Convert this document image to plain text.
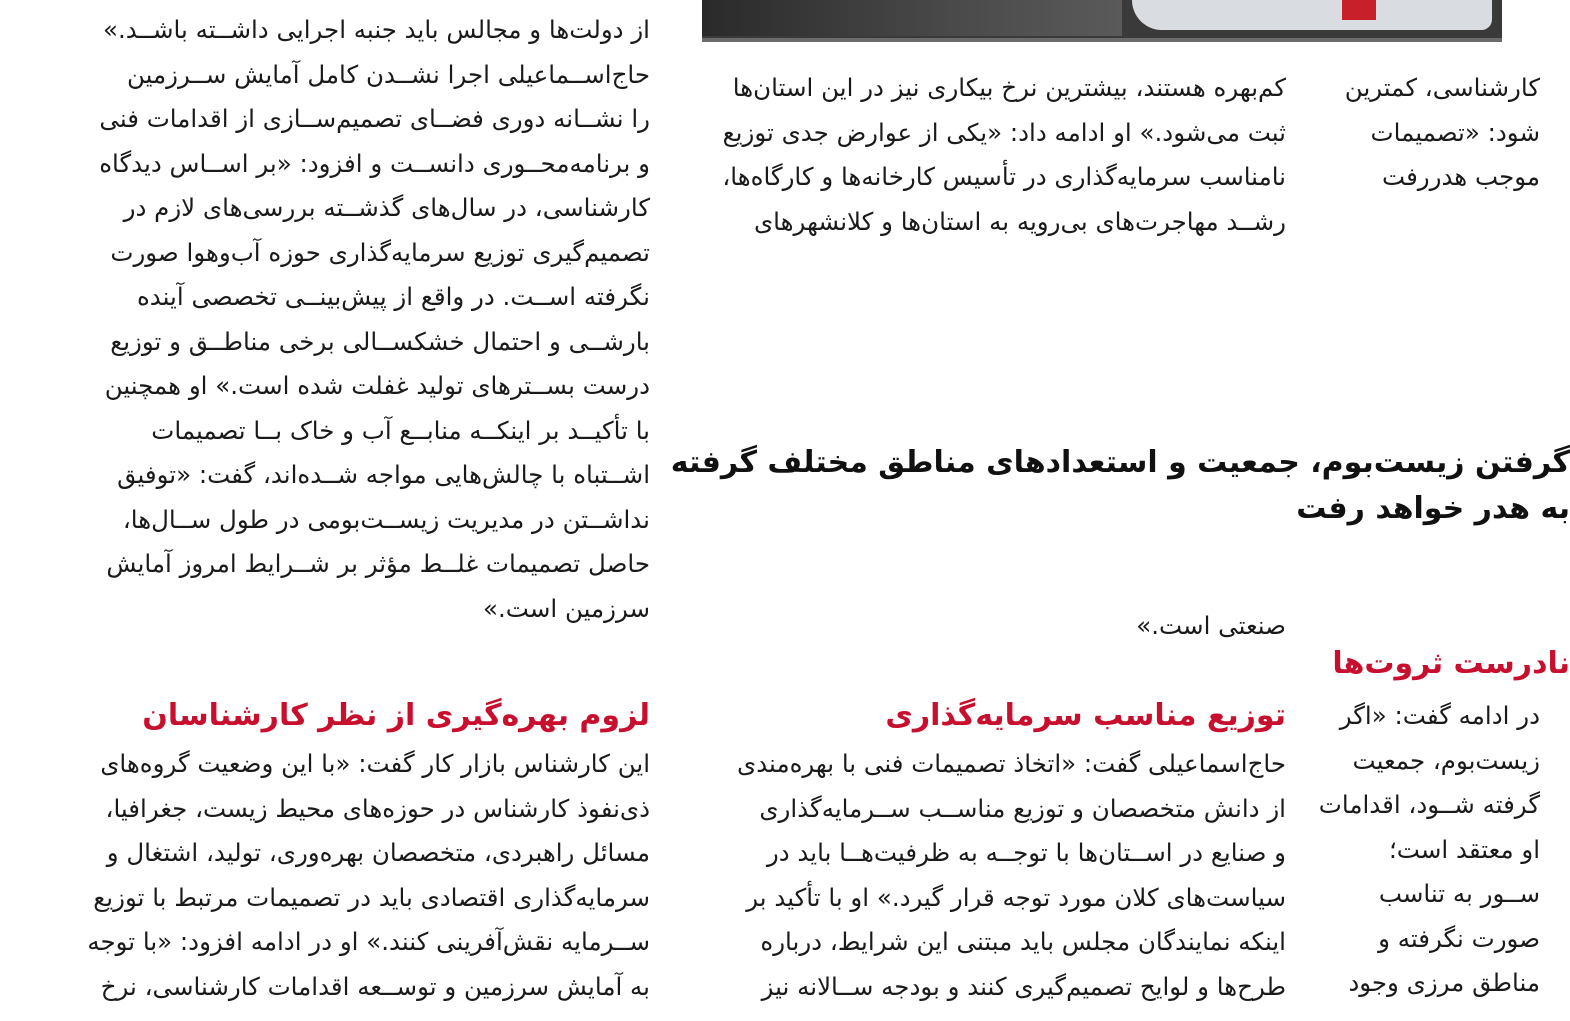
از دولت‌ها و مجالس باید جنبه اجرایی داشــته باشــد.»

حاج‌اســماعیلی اجرا نشــدن کامل آمایش ســرزمین

را نشــانه دوری فضــای تصمیم‌ســازی از اقدامات فنی

و برنامه‌محــوری دانســت و افزود: «بر اســاس دیدگاه

کارشناسی، در سال‌های گذشــته بررسی‌های لازم در

تصمیم‌گیری توزیع سرمایه‌گذاری حوزه آب‌وهوا صورت

نگرفته اســت. در واقع از پیش‌بینــی تخصصی آینده

بارشــی و احتمال خشکســالی برخی مناطــق و توزیع

درست بســترهای تولید غفلت شده است.» او همچنین

با تأکیــد بر اینکــه منابــع آب و خاک بــا تصمیمات

اشــتباه با چالش‌هایی مواجه شــده‌اند، گفت: «توفیق

نداشــتن در مدیریت زیســت‌بومی در طول ســال‌ها،

حاصل تصمیمات غلــط مؤثر بر شــرایط امروز آمایش

سرزمین است.»

لزوم بهره‌گیری از نظر کارشناسان

این کارشناس بازار کار گفت: «با این وضعیت گروه‌های

ذی‌نفوذ کارشناس در حوزه‌های محیط زیست، جغرافیا،

مسائل راهبردی، متخصصان بهره‌وری، تولید، اشتغال و

سرمایه‌گذاری اقتصادی باید در تصمیمات مرتبط با توزیع

ســرمایه نقش‌آفرینی کنند.» او در ادامه افزود: «با توجه

به آمایش سرزمین و توســعه اقدامات کارشناسی، نرخ

کم‌بهره هستند، بیشترین نرخ بیکاری نیز در این استان‌ها

ثبت می‌شود.» او ادامه داد: «یکی از عوارض جدی توزیع

نامناسب سرمایه‌گذاری در تأسیس کارخانه‌ها و کارگاه‌ها،

رشــد مهاجرت‌های بی‌رویه به استان‌ها و کلانشهرهای

صنعتی است.»

گرفتن زیست‌بوم، جمعیت و استعدادهای مناطق مختلف گرفته

به هدر خواهد رفت

توزیع مناسب سرمایه‌گذاری

حاج‌اسماعیلی گفت: «اتخاذ تصمیمات فنی با بهره‌مندی

از دانش متخصصان و توزیع مناســب ســرمایه‌گذاری

و صنایع در اســتان‌ها با توجــه به ظرفیت‌هــا باید در

سیاست‌های کلان مورد توجه قرار گیرد.» او با تأکید بر

اینکه نمایندگان مجلس باید مبتنی این شرایط، درباره

طرح‌ها و لوایح تصمیم‌گیری کنند و بودجه ســالانه نیز

کارشناسی، کمترین

شود: «تصمیمات

موجب هدررفت

نادرست ثروت‌ها

در ادامه گفت: «اگر

زیست‌بوم، جمعیت

گرفته شــود، اقدامات

او معتقد است؛

ســور به تناسب

صورت نگرفته و

مناطق مرزی وجود
